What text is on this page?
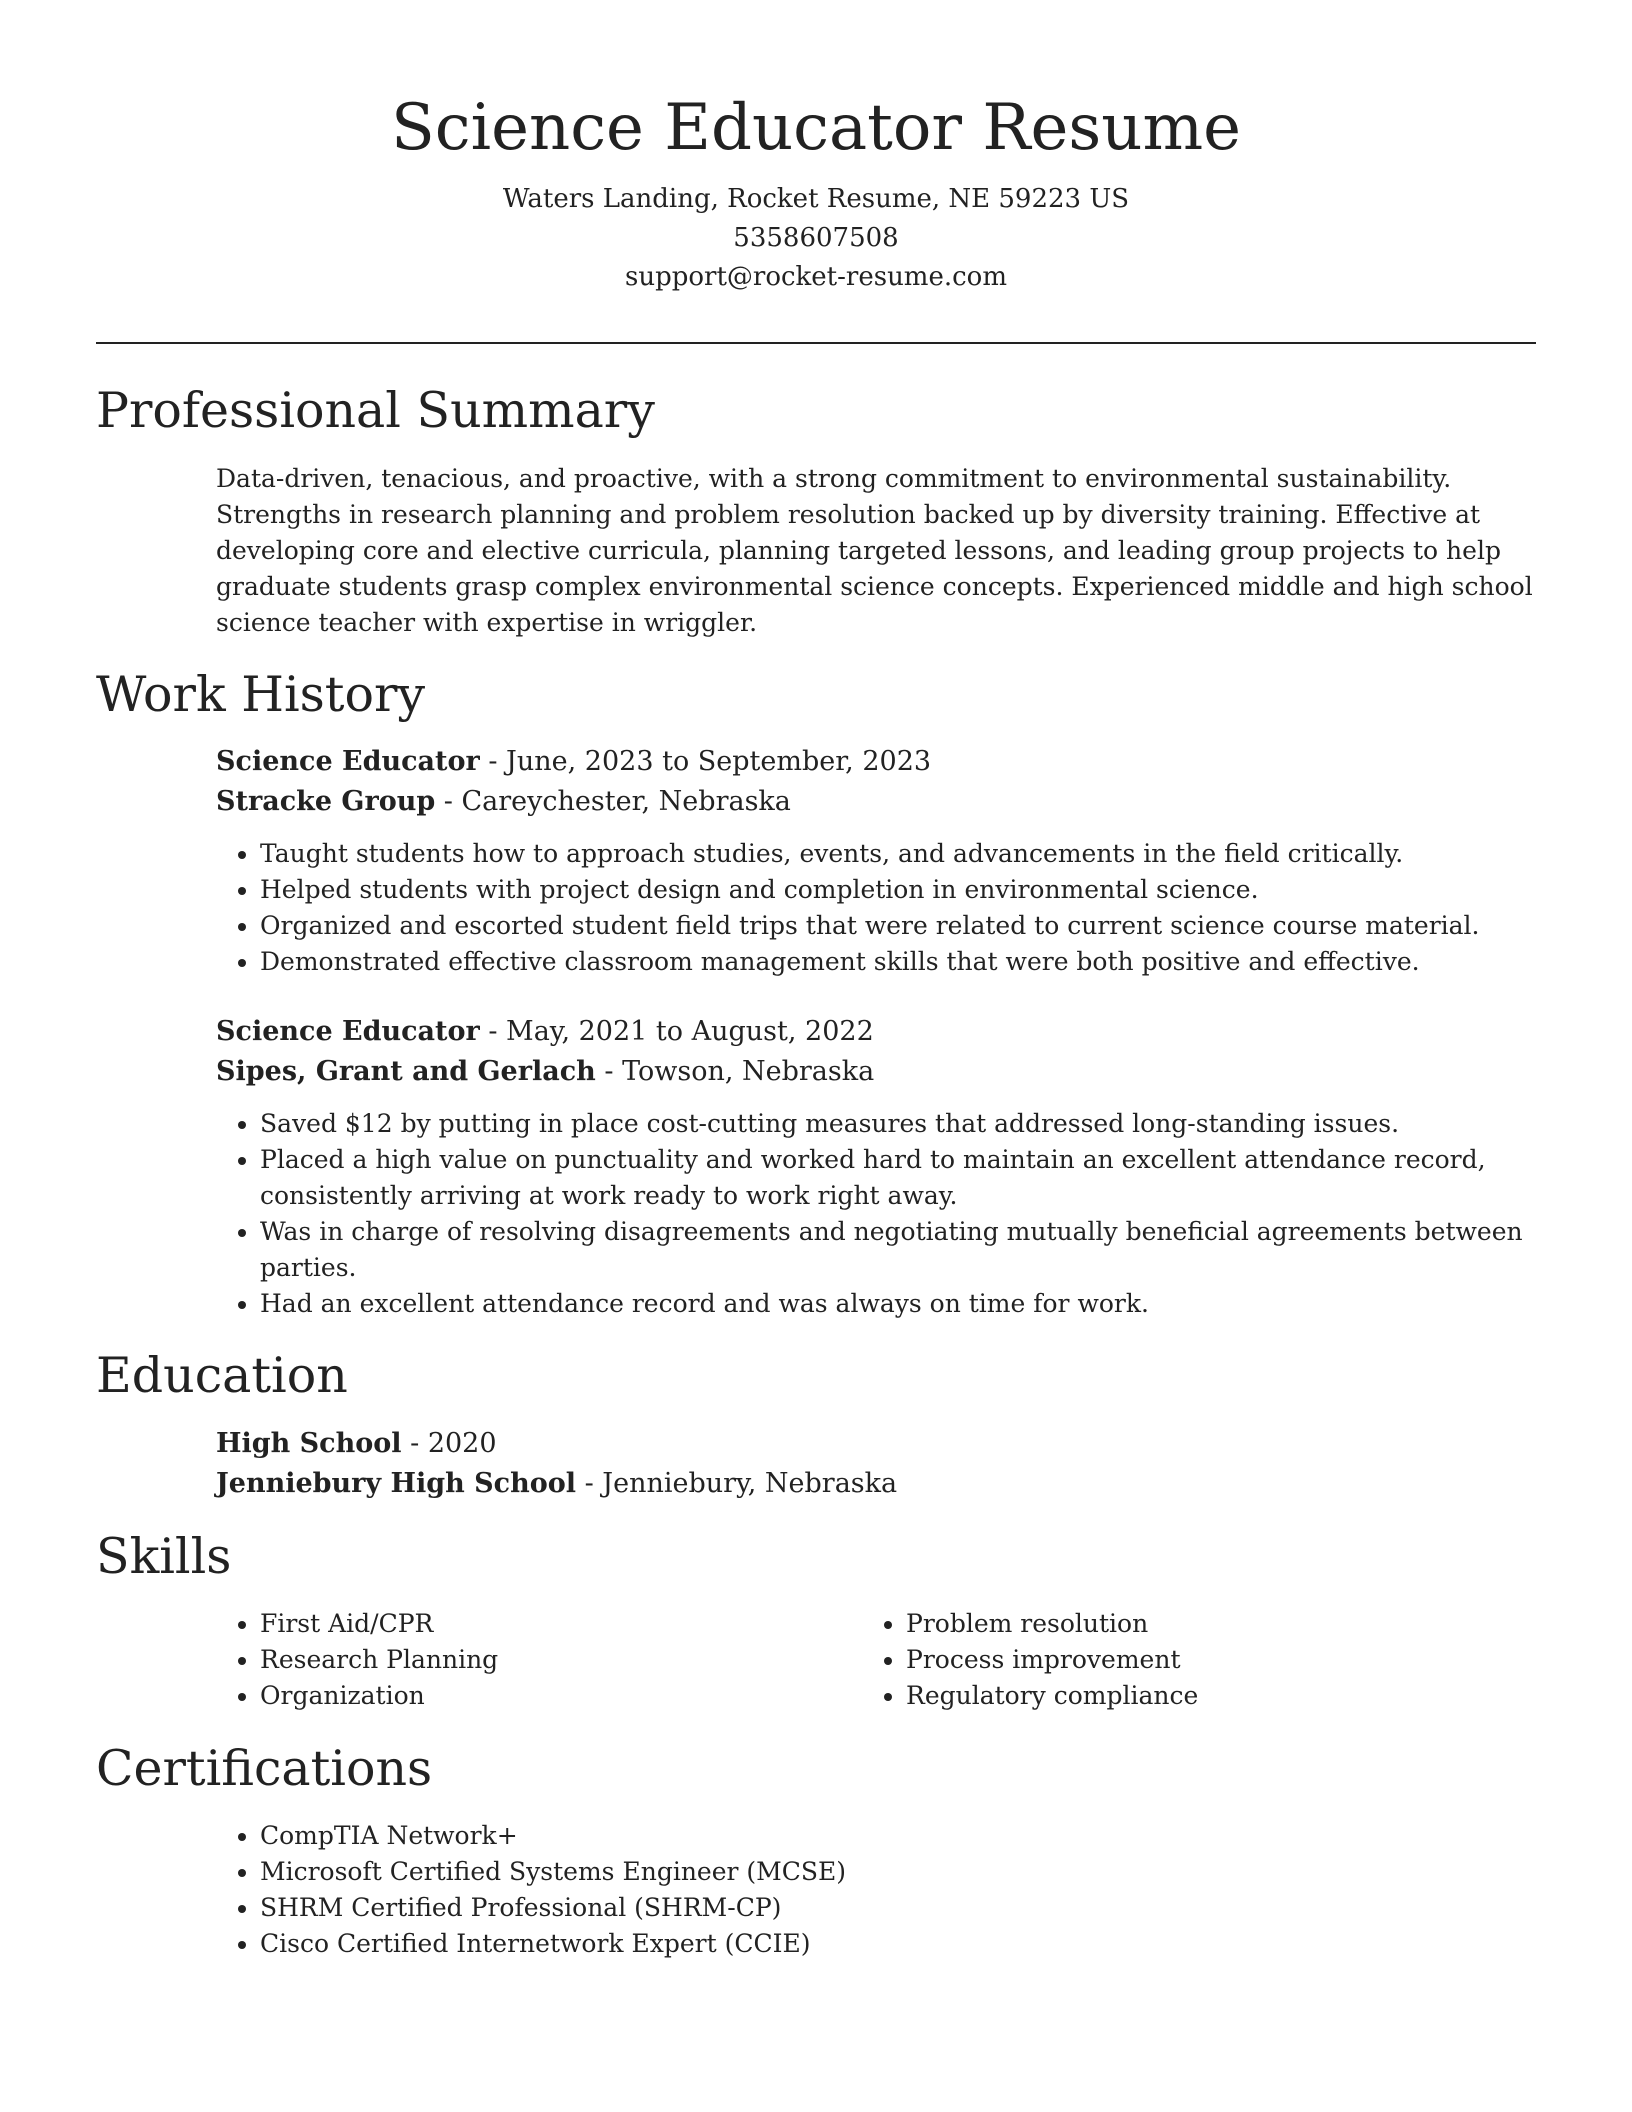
Science Educator Resume
Waters Landing, Rocket Resume, NE 59223 US
5358607508
support@rocket-resume.com
Professional Summary

Data-driven, tenacious, and proactive, with a strong commitment to environmental sustainability. Strengths in research planning and problem resolution backed up by diversity training. Effective at developing core and elective curricula, planning targeted lessons, and leading group projects to help graduate students grasp complex environmental science concepts. Experienced middle and high school science teacher with expertise in wriggler.

Work History
Science Educator - June, 2023 to September, 2023
Stracke Group - Careychester, Nebraska
• Taught students how to approach studies, events, and advancements in the field critically.
• Helped students with project design and completion in environmental science.
• Organized and escorted student field trips that were related to current science course material.
• Demonstrated effective classroom management skills that were both positive and effective.
Science Educator - May, 2021 to August, 2022
Sipes, Grant and Gerlach - Towson, Nebraska
• Saved $12 by putting in place cost-cutting measures that addressed long-standing issues.
• Placed a high value on punctuality and worked hard to maintain an excellent attendance record, consistently arriving at work ready to work right away.
• Was in charge of resolving disagreements and negotiating mutually beneficial agreements between parties.
• Had an excellent attendance record and was always on time for work.
Education
High School - 2020
Jenniebury High School - Jenniebury, Nebraska
Skills
• First Aid/CPR
• Research Planning
• Organization
• Problem resolution
• Process improvement
• Regulatory compliance
Certifications
• CompTIA Network+
• Microsoft Certified Systems Engineer (MCSE)
• SHRM Certified Professional (SHRM-CP)
• Cisco Certified Internetwork Expert (CCIE)
